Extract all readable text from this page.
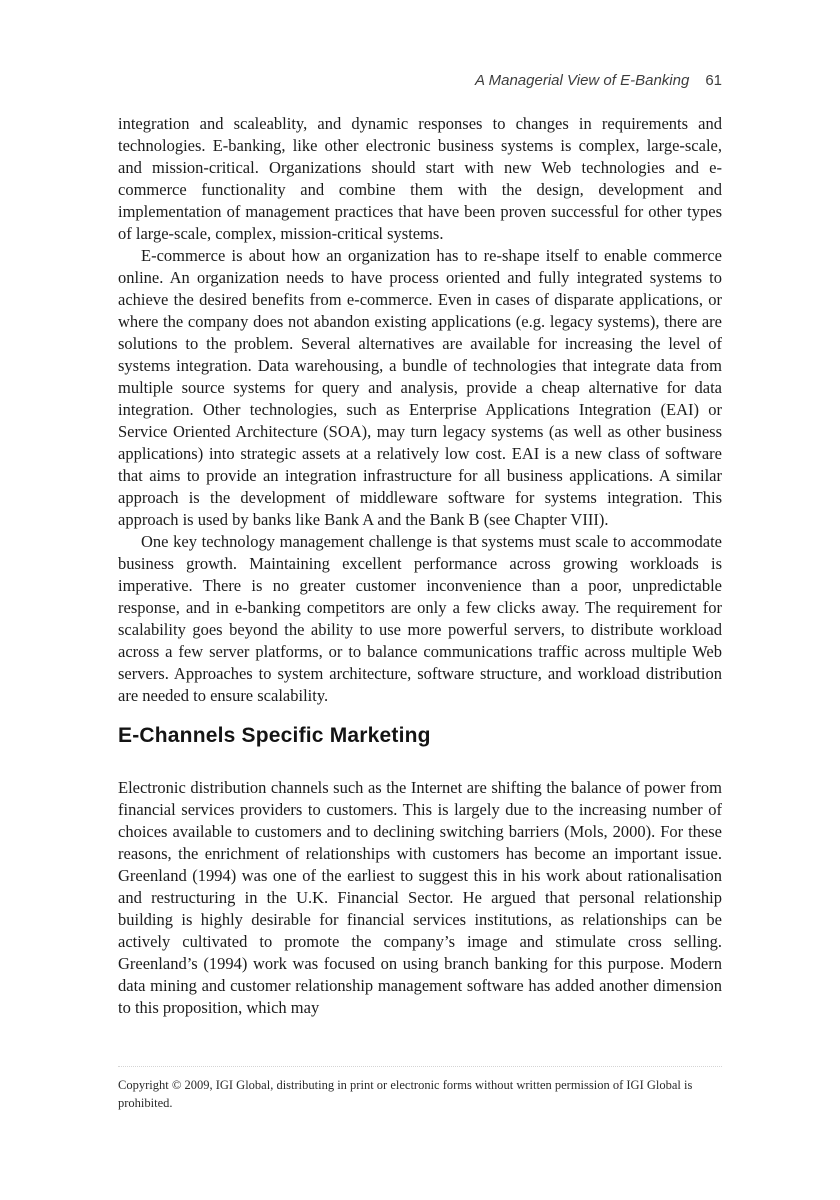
A Managerial View of E-Banking 61

integration and scaleablity, and dynamic responses to changes in requirements and technologies. E-banking, like other electronic business systems is complex, large-scale, and mission-critical. Organizations should start with new Web technologies and e-commerce functionality and combine them with the design, development and implementation of management practices that have been proven successful for other types of large-scale, complex, mission-critical systems.

E-commerce is about how an organization has to re-shape itself to enable commerce online. An organization needs to have process oriented and fully integrated systems to achieve the desired benefits from e-commerce. Even in cases of disparate applications, or where the company does not abandon existing applications (e.g. legacy systems), there are solutions to the problem. Several alternatives are available for increasing the level of systems integration. Data warehousing, a bundle of technologies that integrate data from multiple source systems for query and analysis, provide a cheap alternative for data integration. Other technologies, such as Enterprise Applications Integration (EAI) or Service Oriented Architecture (SOA), may turn legacy systems (as well as other business applications) into strategic assets at a relatively low cost. EAI is a new class of software that aims to provide an integration infrastructure for all business applications. A similar approach is the development of middleware software for systems integration. This approach is used by banks like Bank A and the Bank B (see Chapter VIII).

One key technology management challenge is that systems must scale to accommodate business growth. Maintaining excellent performance across growing workloads is imperative. There is no greater customer inconvenience than a poor, unpredictable response, and in e-banking competitors are only a few clicks away. The requirement for scalability goes beyond the ability to use more powerful servers, to distribute workload across a few server platforms, or to balance communications traffic across multiple Web servers. Approaches to system architecture, software structure, and workload distribution are needed to ensure scalability.

E-Channels Specific Marketing

Electronic distribution channels such as the Internet are shifting the balance of power from financial services providers to customers. This is largely due to the increasing number of choices available to customers and to declining switching barriers (Mols, 2000). For these reasons, the enrichment of relationships with customers has become an important issue. Greenland (1994) was one of the earliest to suggest this in his work about rationalisation and restructuring in the U.K. Financial Sector. He argued that personal relationship building is highly desirable for financial services institutions, as relationships can be actively cultivated to promote the company’s image and stimulate cross selling. Greenland’s (1994) work was focused on using branch banking for this purpose. Modern data mining and customer relationship management software has added another dimension to this proposition, which may

Copyright © 2009, IGI Global, distributing in print or electronic forms without written permission of IGI Global is prohibited.
